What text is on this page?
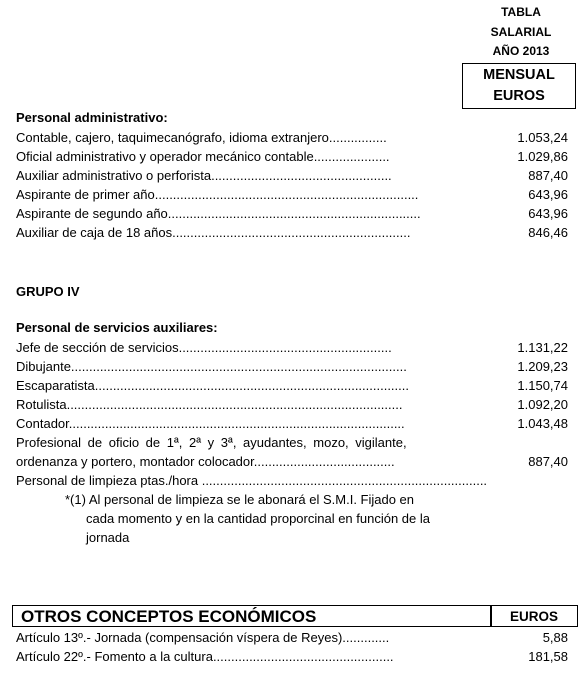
TABLA
SALARIAL
AÑO 2013
MENSUAL
EUROS
Personal administrativo:
Contable, cajero, taquimecanógrafo, idioma extranjero................	1.053,24
Oficial administrativo y operador mecánico contable.....................	1.029,86
Auxiliar administrativo o perforista..................................................	887,40
Aspirante de primer año.........................................................................	643,96
Aspirante de segundo año......................................................................	643,96
Auxiliar de caja de 18 años..................................................................	846,46
GRUPO IV
Personal de servicios auxiliares:
Jefe de sección de servicios...........................................................	1.131,22
Dibujante.............................................................................................	1.209,23
Escaparatista.......................................................................................	1.150,74
Rotulista.............................................................................................	1.092,20
Contador.............................................................................................	1.043,48
Profesional de oficio de 1ª, 2ª y 3ª, ayudantes, mozo, vigilante,
ordenanza y portero, montador colocador.......................................	887,40
Personal de limpieza ptas./hora ...............................................................................
*(1) Al personal de limpieza se le abonará el S.M.I. Fijado en
cada momento y en la cantidad proporcinal en función de la
jornada
OTROS CONCEPTOS ECONÓMICOS	EUROS
Artículo 13º.- Jornada (compensación víspera de Reyes).............	5,88
Artículo 22º.- Fomento a la cultura..................................................	181,58
